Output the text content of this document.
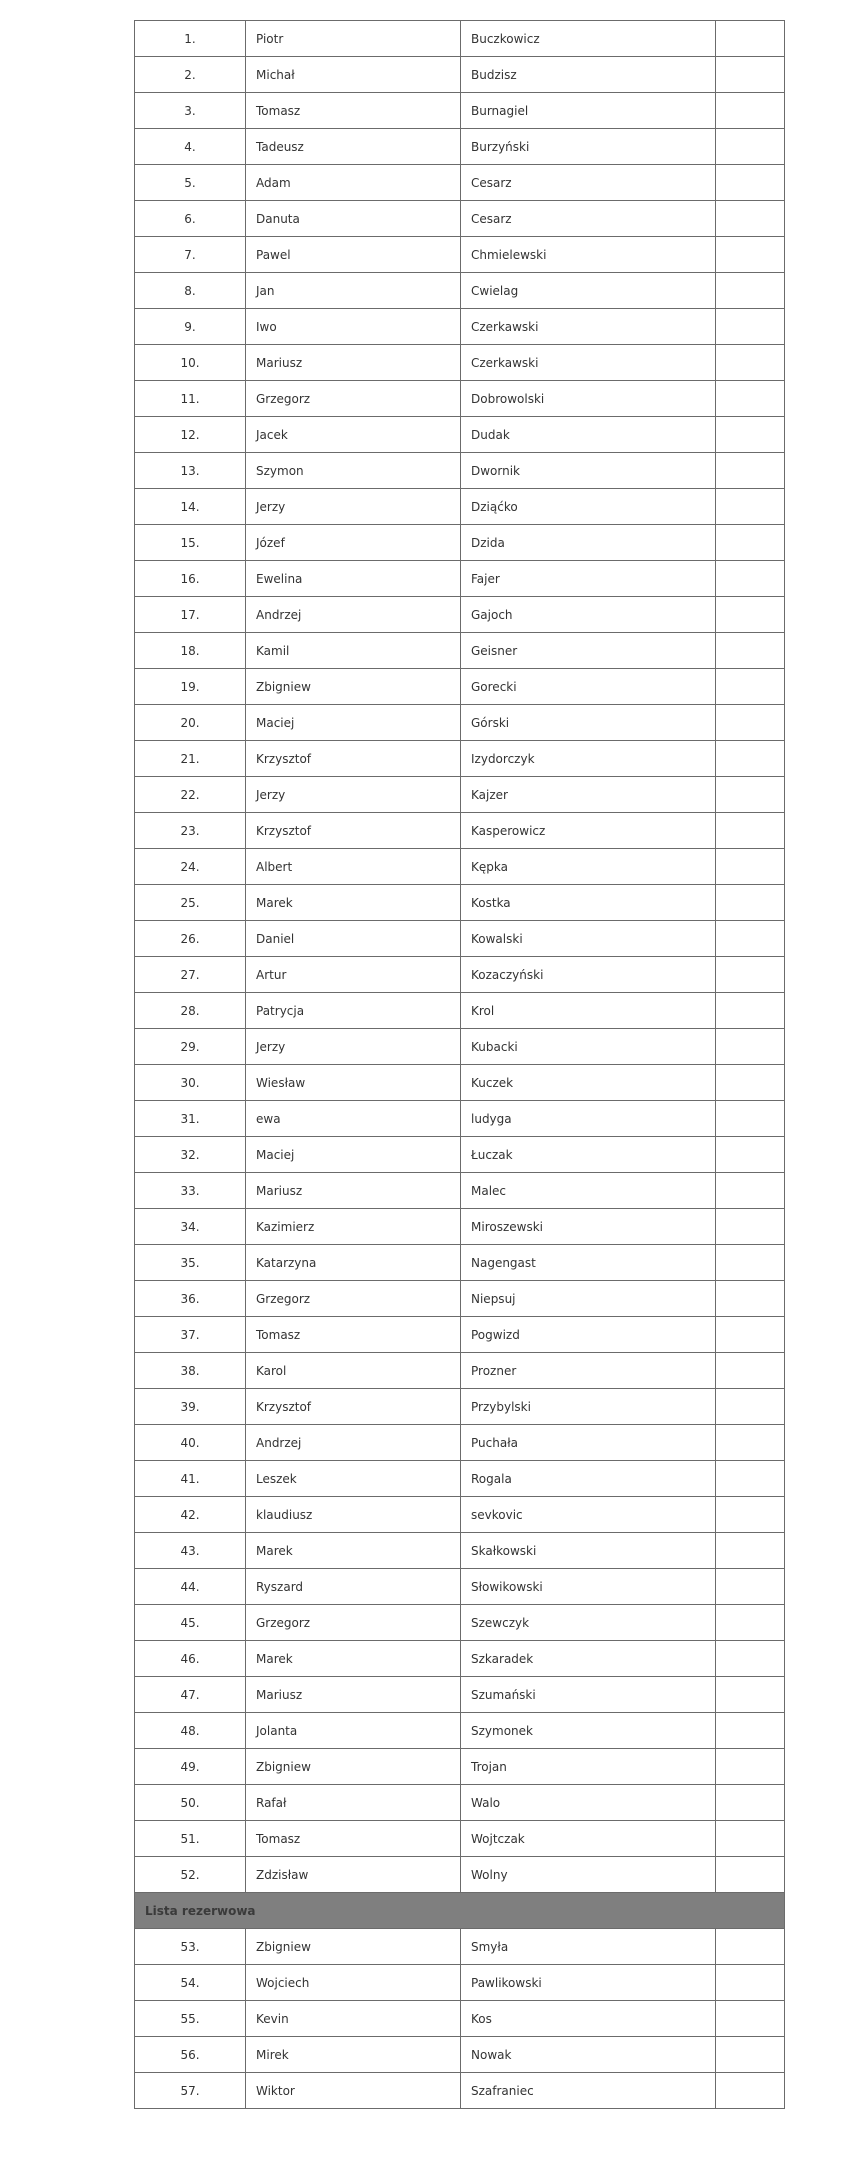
1.	Piotr	Buczkowicz	
2.	Michał	Budzisz	
3.	Tomasz	Burnagiel	
4.	Tadeusz	Burzyński	
5.	Adam	Cesarz	
6.	Danuta	Cesarz	
7.	Pawel	Chmielewski	
8.	Jan	Cwielag	
9.	Iwo	Czerkawski	
10.	Mariusz	Czerkawski	
11.	Grzegorz	Dobrowolski	
12.	Jacek	Dudak	
13.	Szymon	Dwornik	
14.	Jerzy	Dziąćko	
15.	Józef	Dzida	
16.	Ewelina	Fajer	
17.	Andrzej	Gajoch	
18.	Kamil	Geisner	
19.	Zbigniew	Gorecki	
20.	Maciej	Górski	
21.	Krzysztof	Izydorczyk	
22.	Jerzy	Kajzer	
23.	Krzysztof	Kasperowicz	
24.	Albert	Kępka	
25.	Marek	Kostka	
26.	Daniel	Kowalski	
27.	Artur	Kozaczyński	
28.	Patrycja	Krol	
29.	Jerzy	Kubacki	
30.	Wiesław	Kuczek	
31.	ewa	ludyga	
32.	Maciej	Łuczak	
33.	Mariusz	Malec	
34.	Kazimierz	Miroszewski	
35.	Katarzyna	Nagengast	
36.	Grzegorz	Niepsuj	
37.	Tomasz	Pogwizd	
38.	Karol	Prozner	
39.	Krzysztof	Przybylski	
40.	Andrzej	Puchała	
41.	Leszek	Rogala	
42.	klaudiusz	sevkovic	
43.	Marek	Skałkowski	
44.	Ryszard	Słowikowski	
45.	Grzegorz	Szewczyk	
46.	Marek	Szkaradek	
47.	Mariusz	Szumański	
48.	Jolanta	Szymonek	
49.	Zbigniew	Trojan	
50.	Rafał	Walo	
51.	Tomasz	Wojtczak	
52.	Zdzisław	Wolny	
Lista rezerwowa			
53.	Zbigniew	Smyła	
54.	Wojciech	Pawlikowski	
55.	Kevin	Kos	
56.	Mirek	Nowak	
57.	Wiktor	Szafraniec	
